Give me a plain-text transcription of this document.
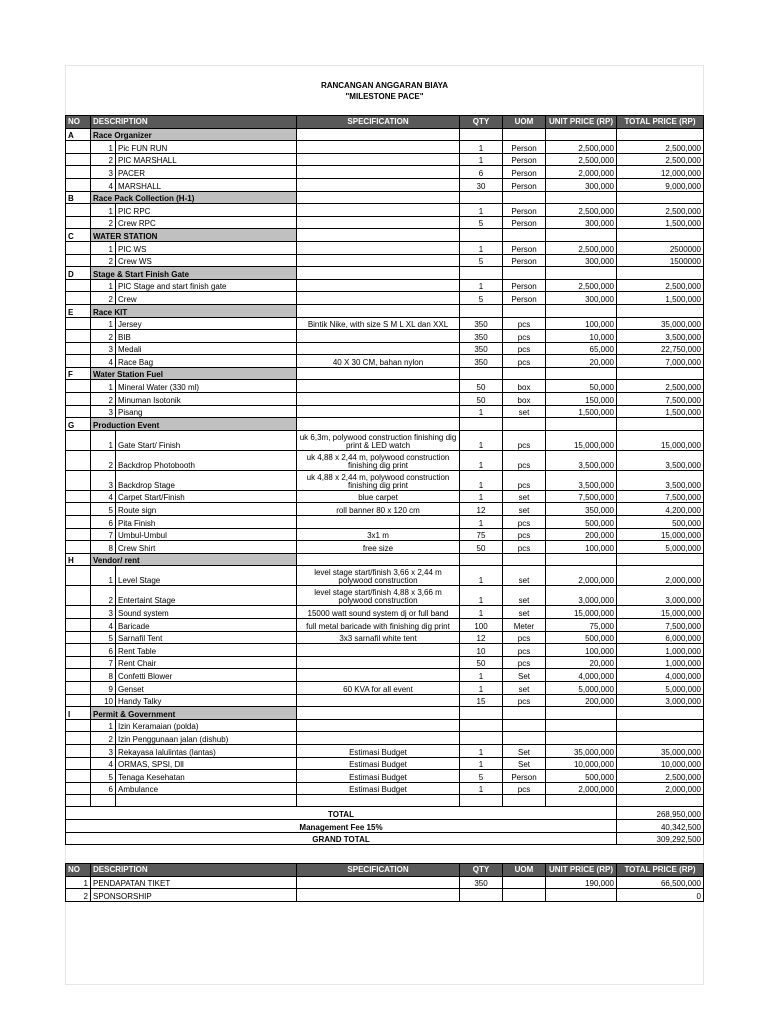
RANCANGAN ANGGARAN BIAYA
"MILESTONE PACE"
NO	DESCRIPTION		SPECIFICATION	QTY	UOM	UNIT PRICE (RP)	TOTAL PRICE (RP)
A	Race Organizer						
	1	Pic FUN RUN		1	Person	2,500,000	2,500,000
	2	PIC MARSHALL		1	Person	2,500,000	2,500,000
	3	PACER		6	Person	2,000,000	12,000,000
	4	MARSHALL		30	Person	300,000	9,000,000
B	Race Pack Collection (H-1)						
	1	PIC RPC		1	Person	2,500,000	2,500,000
	2	Crew RPC		5	Person	300,000	1,500,000
C	WATER STATION						
	1	PIC WS		1	Person	2,500,000	2500000
	2	Crew WS		5	Person	300,000	1500000
D	Stage & Start Finish Gate						
	1	PIC Stage and start finish gate		1	Person	2,500,000	2,500,000
	2	Crew		5	Person	300,000	1,500,000
E	Race KIT						
	1	Jersey	Bintik Nike, with size S M L XL dan XXL	350	pcs	100,000	35,000,000
	2	BIB		350	pcs	10,000	3,500,000
	3	Medali		350	pcs	65,000	22,750,000
	4	Race Bag	40 X 30 CM, bahan nylon	350	pcs	20,000	7,000,000
F	Water Station Fuel						
	1	Mineral Water (330 ml)		50	box	50,000	2,500,000
	2	Minuman Isotonik		50	box	150,000	7,500,000
	3	Pisang		1	set	1,500,000	1,500,000
G	Production Event						
	1	Gate Start/ Finish	uk 6,3m, polywood construction finishing dig print & LED watch	1	pcs	15,000,000	15,000,000
	2	Backdrop Photobooth	uk 4,88 x 2,44 m, polywood construction finishing dig print	1	pcs	3,500,000	3,500,000
	3	Backdrop Stage	uk 4,88 x 2,44 m, polywood construction finishing dig print	1	pcs	3,500,000	3,500,000
	4	Carpet Start/Finish	blue carpet	1	set	7,500,000	7,500,000
	5	Route sign	roll banner 80 x 120 cm	12	set	350,000	4,200,000
	6	Pita Finish		1	pcs	500,000	500,000
	7	Umbul-Umbul	3x1 m	75	pcs	200,000	15,000,000
	8	Crew Shirt	free size	50	pcs	100,000	5,000,000
H	Vendor/ rent						
	1	Level Stage	level stage start/finish 3,66 x 2,44 m polywood construction	1	set	2,000,000	2,000,000
	2	Entertaint Stage	level stage start/finish 4,88 x 3,66 m polywood construction	1	set	3,000,000	3,000,000
	3	Sound system	15000 watt sound system dj or full band	1	set	15,000,000	15,000,000
	4	Baricade	full metal baricade with finishing dig print	100	Meter	75,000	7,500,000
	5	Sarnafil Tent	3x3 sarnafil white tent	12	pcs	500,000	6,000,000
	6	Rent Table		10	pcs	100,000	1,000,000
	7	Rent Chair		50	pcs	20,000	1,000,000
	8	Confetti Blower		1	Set	4,000,000	4,000,000
	9	Genset	60 KVA for all event	1	set	5,000,000	5,000,000
	10	Handy Talky		15	pcs	200,000	3,000,000
I	Permit & Government						
	1	Izin Keramaian (polda)					
	2	Izin Penggunaan jalan (dishub)					
	3	Rekayasa lalulintas (lantas)	Estimasi Budget	1	Set	35,000,000	35,000,000
	4	ORMAS, SPSI, Dll	Estimasi Budget	1	Set	10,000,000	10,000,000
	5	Tenaga Kesehatan	Estimasi Budget	5	Person	500,000	2,500,000
	6	Ambulance	Estimasi Budget	1	pcs	2,000,000	2,000,000

TOTAL							268,950,000
Management Fee 15%							40,342,500
GRAND TOTAL							309,292,500
NO	DESCRIPTION	SPECIFICATION	QTY	UOM	UNIT PRICE (RP)	TOTAL PRICE (RP)
1	PENDAPATAN TIKET		350		190,000	66,500,000
2	SPONSORSHIP					0
